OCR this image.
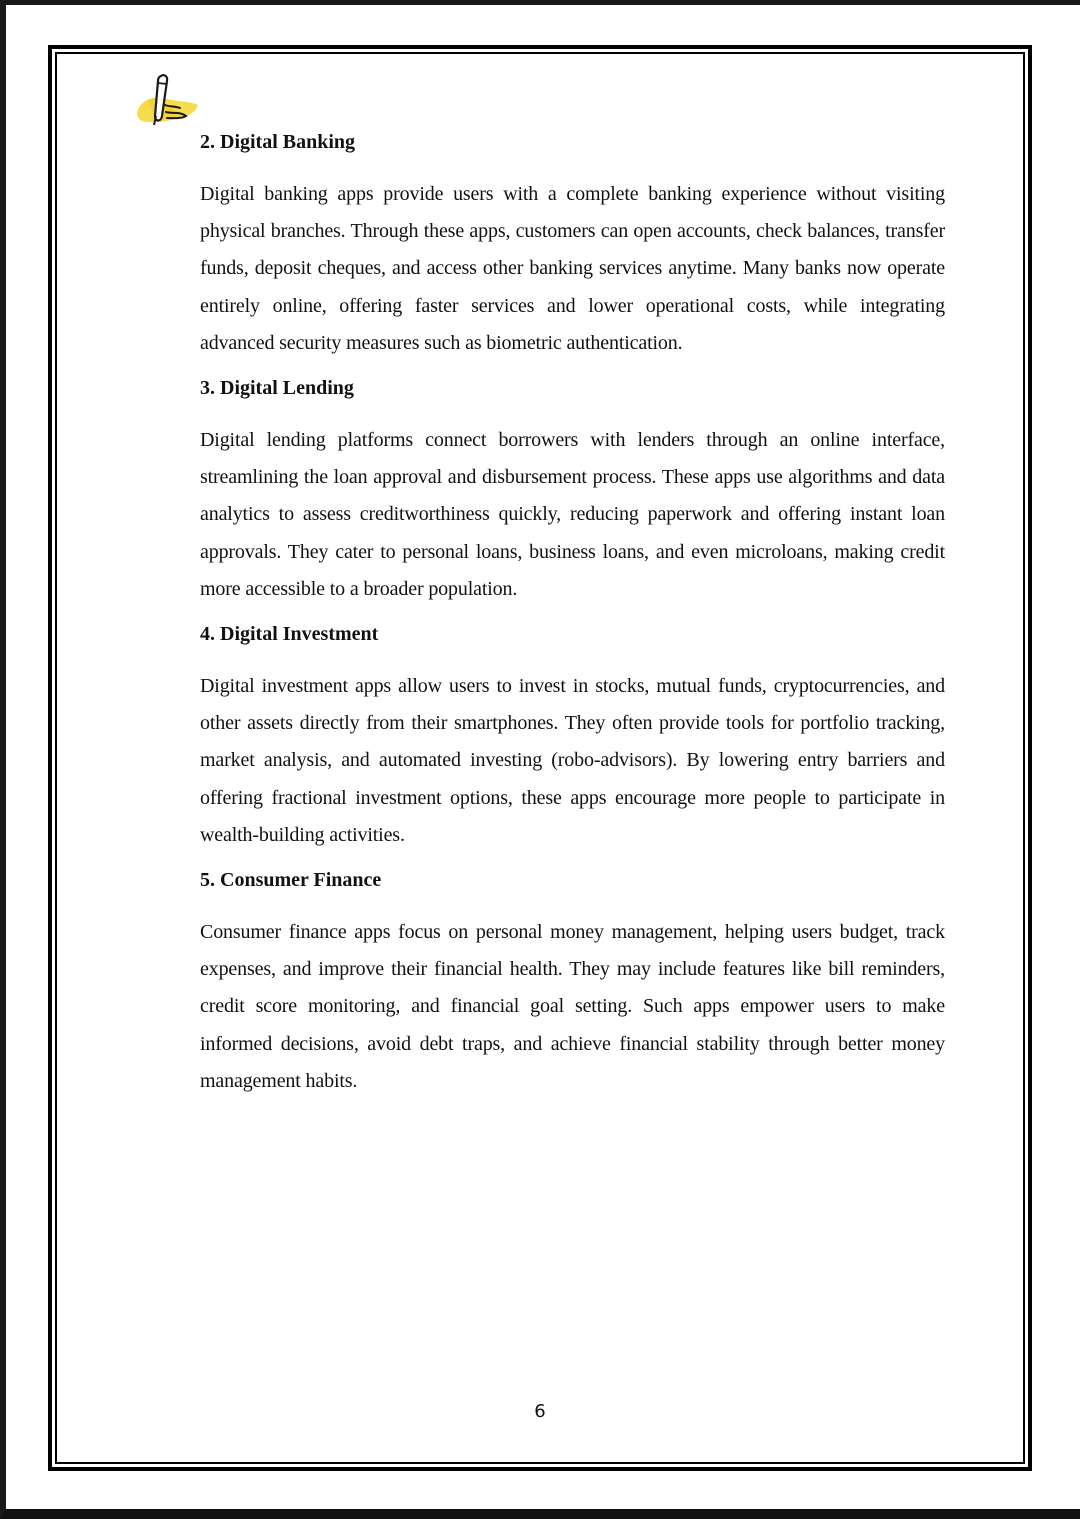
2. Digital Banking

Digital banking apps provide users with a complete banking experience without visiting physical branches. Through these apps, customers can open accounts, check balances, transfer funds, deposit cheques, and access other banking services anytime. Many banks now operate entirely online, offering faster services and lower operational costs, while integrating advanced security measures such as biometric authentication.

3. Digital Lending

Digital lending platforms connect borrowers with lenders through an online interface, streamlining the loan approval and disbursement process. These apps use algorithms and data analytics to assess creditworthiness quickly, reducing paperwork and offering instant loan approvals. They cater to personal loans, business loans, and even microloans, making credit more accessible to a broader population.

4. Digital Investment

Digital investment apps allow users to invest in stocks, mutual funds, cryptocurrencies, and other assets directly from their smartphones. They often provide tools for portfolio tracking, market analysis, and automated investing (robo-advisors). By lowering entry barriers and offering fractional investment options, these apps encourage more people to participate in wealth-building activities.

5. Consumer Finance

Consumer finance apps focus on personal money management, helping users budget, track expenses, and improve their financial health. They may include features like bill reminders, credit score monitoring, and financial goal setting. Such apps empower users to make informed decisions, avoid debt traps, and achieve financial stability through better money management habits.

6
